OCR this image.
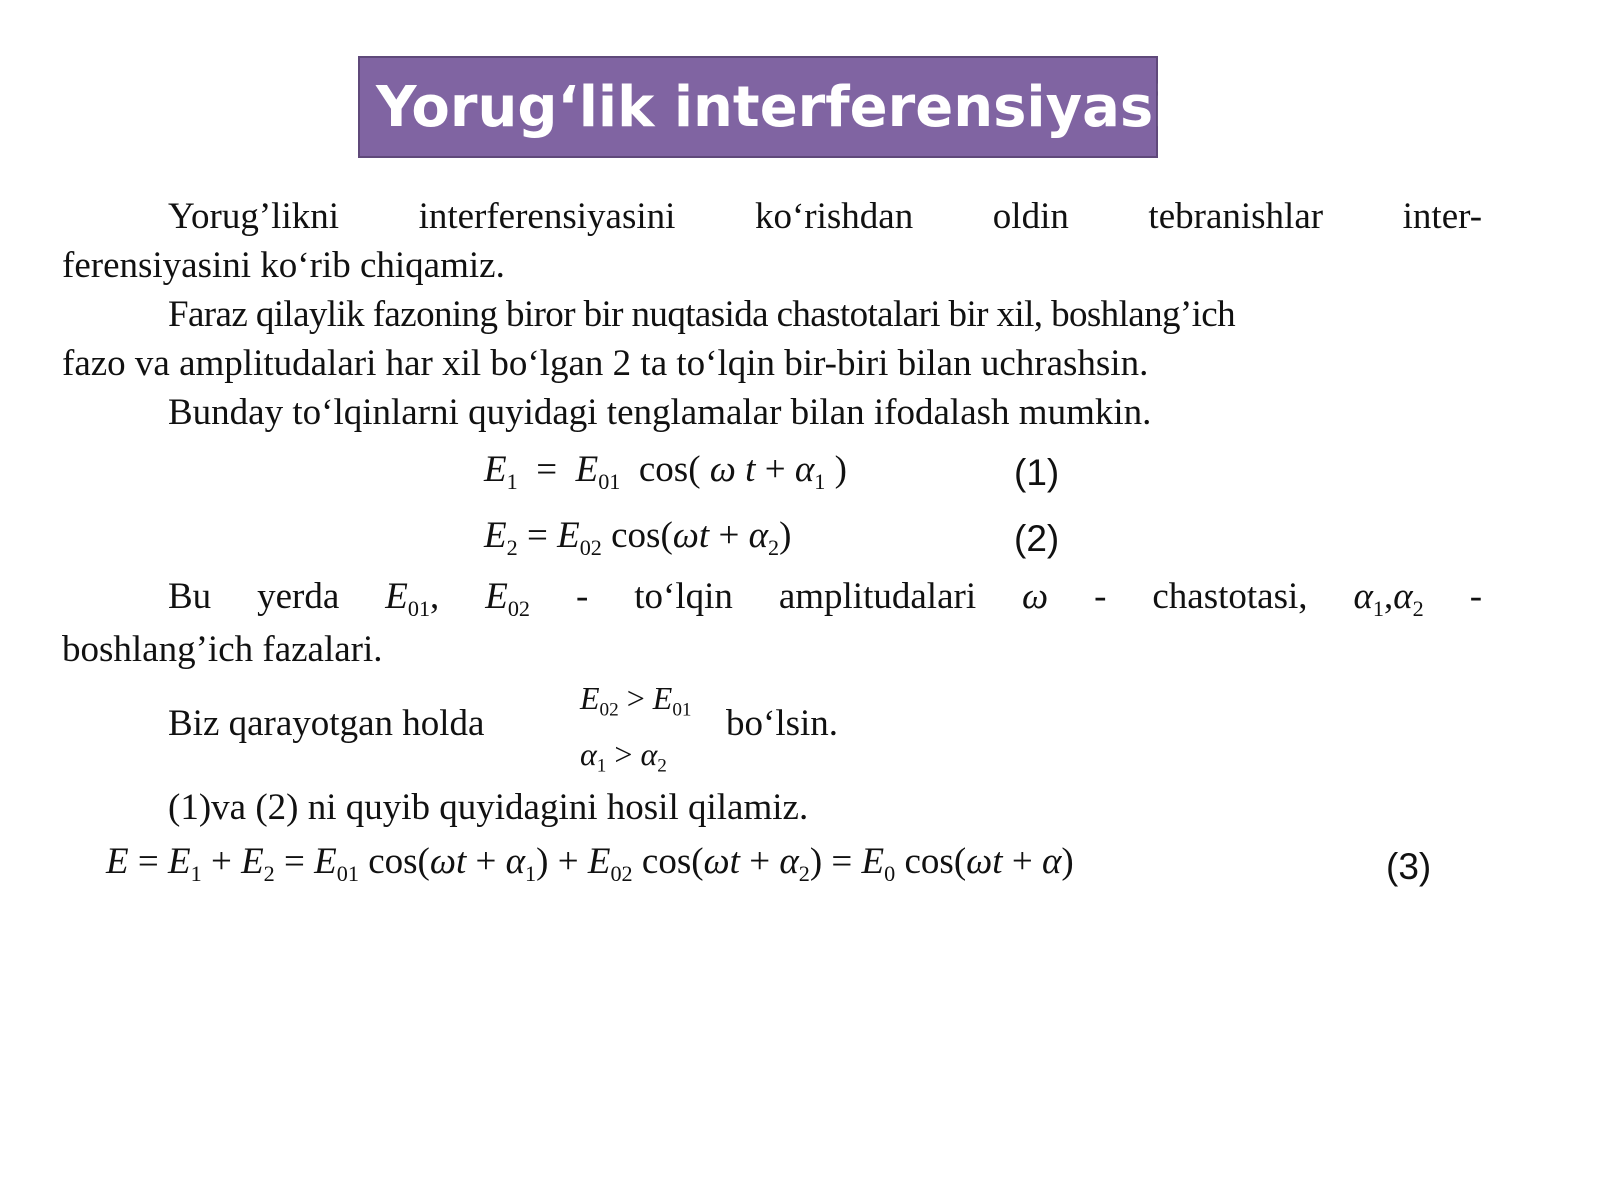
Yorug‘lik interferensiyasi
Yorug’likni interferensiyasini ko‘rishdan oldin tebranishlar inter-
ferensiyasini ko‘rib chiqamiz.
Faraz qilaylik fazoning biror bir nuqtasida chastotalari bir xil, boshlang’ich
fazo va amplitudalari har xil bo‘lgan 2 ta to‘lqin bir-biri bilan uchrashsin.
Bunday to‘lqinlarni quyidagi tenglamalar bilan ifodalash mumkin.
$E_1 = E_{01}$ cos( ω $t + \alpha_1$ )	(1)
$E_2 = E_{02}$ $\cos(\omega t + \alpha_2)$	(2)
Bu yerda $E_{01}$, $E_{02}$ - to‘lqin amplitudalari ω - chastotasi, $\alpha_1,\alpha_2$ -
boshlang’ich fazalari.
Biz qarayotgan holda
$E_{02} > E_{01}$
$\alpha_1 > \alpha_2$
bo‘lsin.
(1)va (2) ni quyib quyidagini hosil qilamiz.
$E = E_1 + E_2 = E_{01}$ $\cos(\omega t + \alpha_1) + E_{02}$ $\cos(\omega t + \alpha_2) = E_0$ cos(ωt + α)	(3)
